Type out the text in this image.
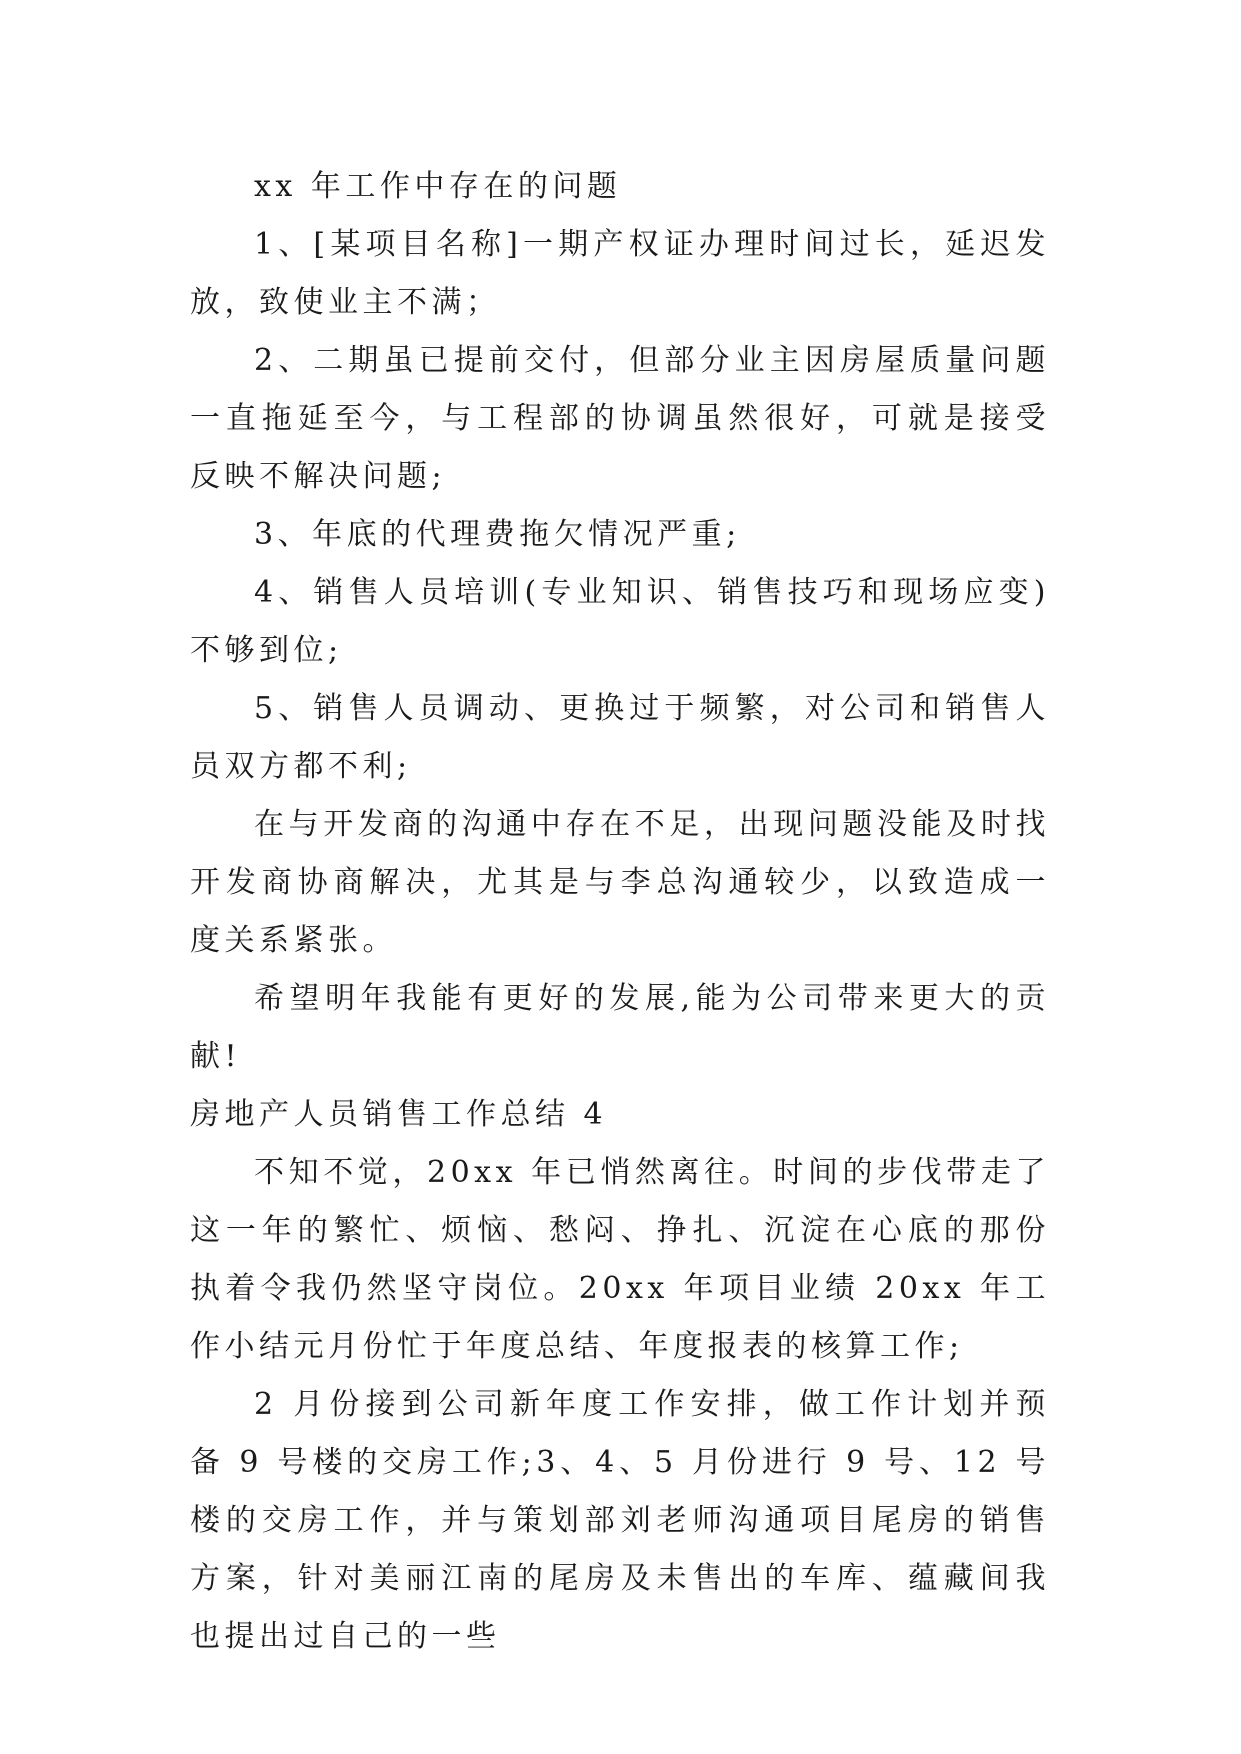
xx 年工作中存在的问题

1、[某项目名称]一期产权证办理时间过长，延迟发放，致使业主不满；

2、二期虽已提前交付，但部分业主因房屋质量问题一直拖延至今，与工程部的协调虽然很好，可就是接受反映不解决问题;

3、年底的代理费拖欠情况严重;

4、销售人员培训(专业知识、销售技巧和现场应变)不够到位;

5、销售人员调动、更换过于频繁，对公司和销售人员双方都不利;

在与开发商的沟通中存在不足，出现问题没能及时找开发商协商解决，尤其是与李总沟通较少，以致造成一度关系紧张。

希望明年我能有更好的发展,能为公司带来更大的贡献!

房地产人员销售工作总结 4

不知不觉，20xx 年已悄然离往。时间的步伐带走了这一年的繁忙、烦恼、愁闷、挣扎、沉淀在心底的那份执着令我仍然坚守岗位。20xx 年项目业绩 20xx 年工作小结元月份忙于年度总结、年度报表的核算工作;

2 月份接到公司新年度工作安排，做工作计划并预备 9 号楼的交房工作;3、4、5 月份进行 9 号、12 号楼的交房工作，并与策划部刘老师沟通项目尾房的销售方案，针对美丽江南的尾房及未售出的车库、蕴藏间我也提出过自己的一些
